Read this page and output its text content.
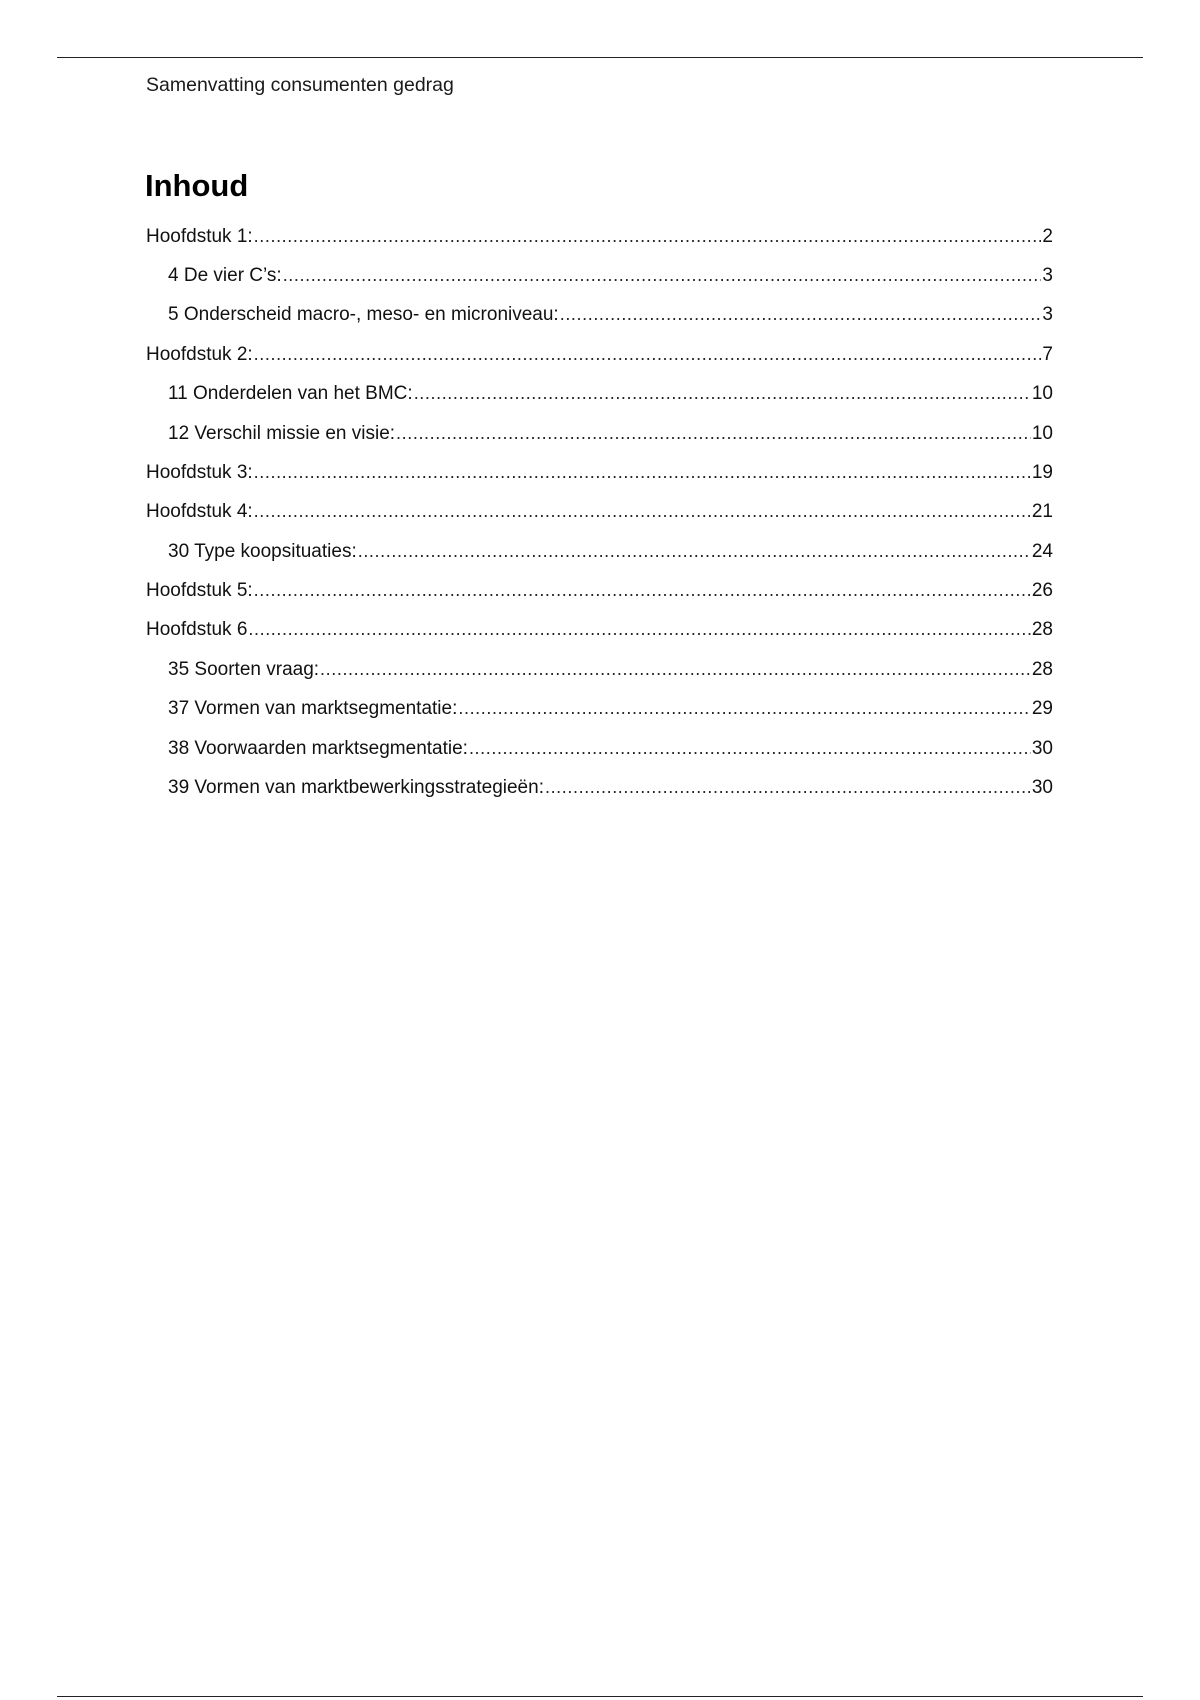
Samenvatting consumenten gedrag
Inhoud
Hoofdstuk 1: .....	2
4 De vier C’s: .....	3
5 Onderscheid macro-, meso- en microniveau: .....	3
Hoofdstuk 2: .....	7
11 Onderdelen van het BMC: .....	10
12 Verschil missie en visie: .....	10
Hoofdstuk 3: .....	19
Hoofdstuk 4: .....	21
30 Type koopsituaties: .....	24
Hoofdstuk 5: .....	26
Hoofdstuk 6 .....	28
35 Soorten vraag: .....	28
37 Vormen van marktsegmentatie: .....	29
38 Voorwaarden marktsegmentatie: .....	30
39 Vormen van marktbewerkingsstrategieën: .....	30
